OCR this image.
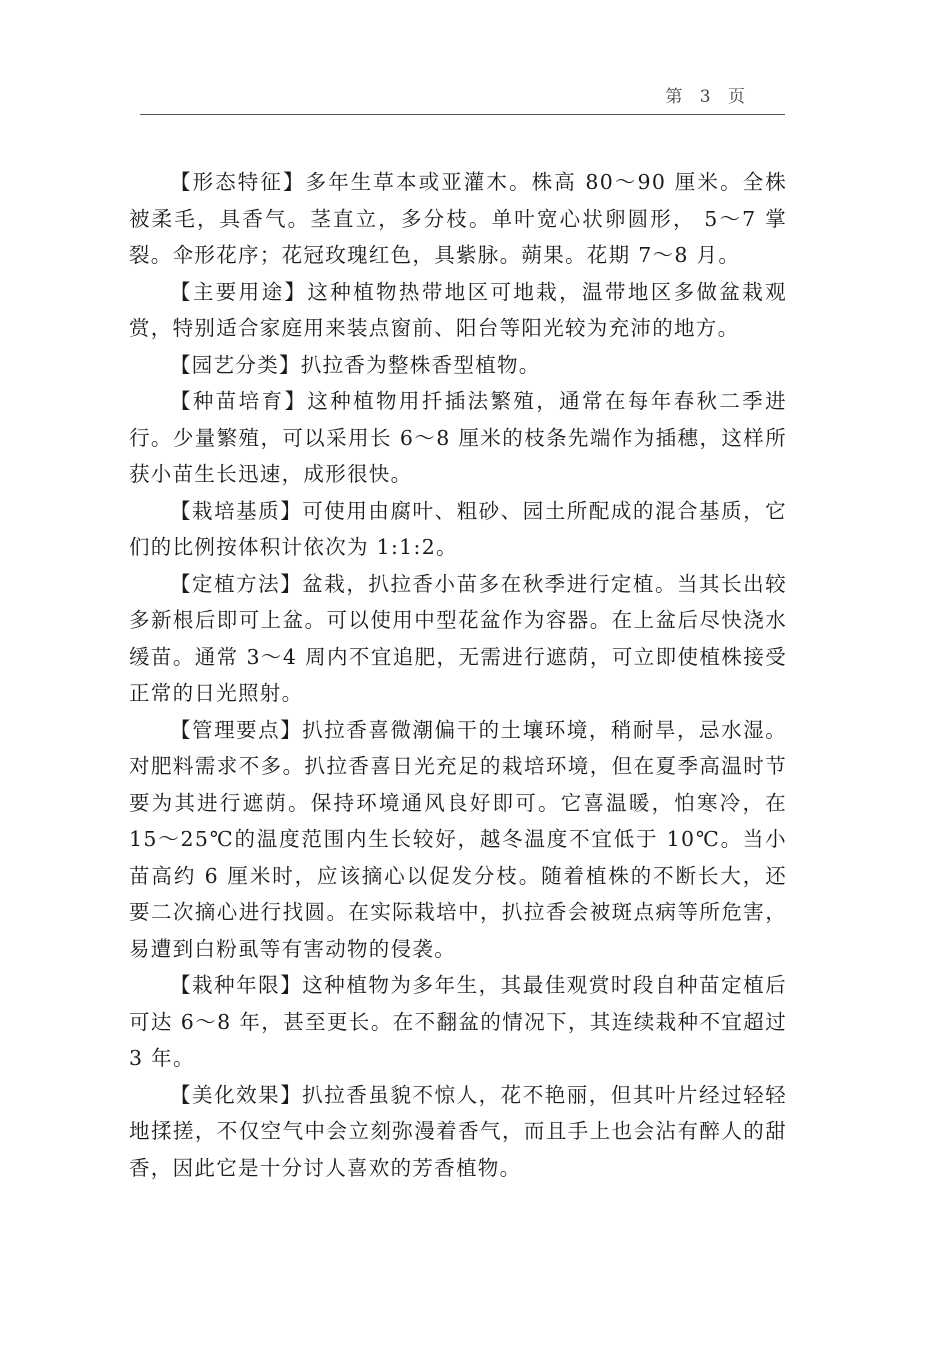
第 3 页

【形态特征】多年生草本或亚灌木。株高 80～90 厘米。全株被柔毛，具香气。茎直立，多分枝。单叶宽心状卵圆形， 5～7 掌裂。伞形花序；花冠玫瑰红色，具紫脉。蒴果。花期 7～8 月。

【主要用途】这种植物热带地区可地栽，温带地区多做盆栽观赏，特别适合家庭用来装点窗前、阳台等阳光较为充沛的地方。

【园艺分类】扒拉香为整株香型植物。

【种苗培育】这种植物用扦插法繁殖，通常在每年春秋二季进行。少量繁殖，可以采用长 6～8 厘米的枝条先端作为插穗，这样所获小苗生长迅速，成形很快。

【栽培基质】可使用由腐叶、粗砂、园土所配成的混合基质，它们的比例按体积计依次为 1:1:2。

【定植方法】盆栽，扒拉香小苗多在秋季进行定植。当其长出较多新根后即可上盆。可以使用中型花盆作为容器。在上盆后尽快浇水缓苗。通常 3～4 周内不宜追肥，无需进行遮荫，可立即使植株接受正常的日光照射。

【管理要点】扒拉香喜微潮偏干的土壤环境，稍耐旱，忌水湿。对肥料需求不多。扒拉香喜日光充足的栽培环境，但在夏季高温时节要为其进行遮荫。保持环境通风良好即可。它喜温暖，怕寒冷，在 15～25℃的温度范围内生长较好，越冬温度不宜低于 10℃。当小苗高约 6 厘米时，应该摘心以促发分枝。随着植株的不断长大，还要二次摘心进行找圆。在实际栽培中，扒拉香会被斑点病等所危害，易遭到白粉虱等有害动物的侵袭。

【栽种年限】这种植物为多年生，其最佳观赏时段自种苗定植后可达 6～8 年，甚至更长。在不翻盆的情况下，其连续栽种不宜超过 3 年。

【美化效果】扒拉香虽貌不惊人，花不艳丽，但其叶片经过轻轻地揉搓，不仅空气中会立刻弥漫着香气，而且手上也会沾有醉人的甜香，因此它是十分讨人喜欢的芳香植物。
